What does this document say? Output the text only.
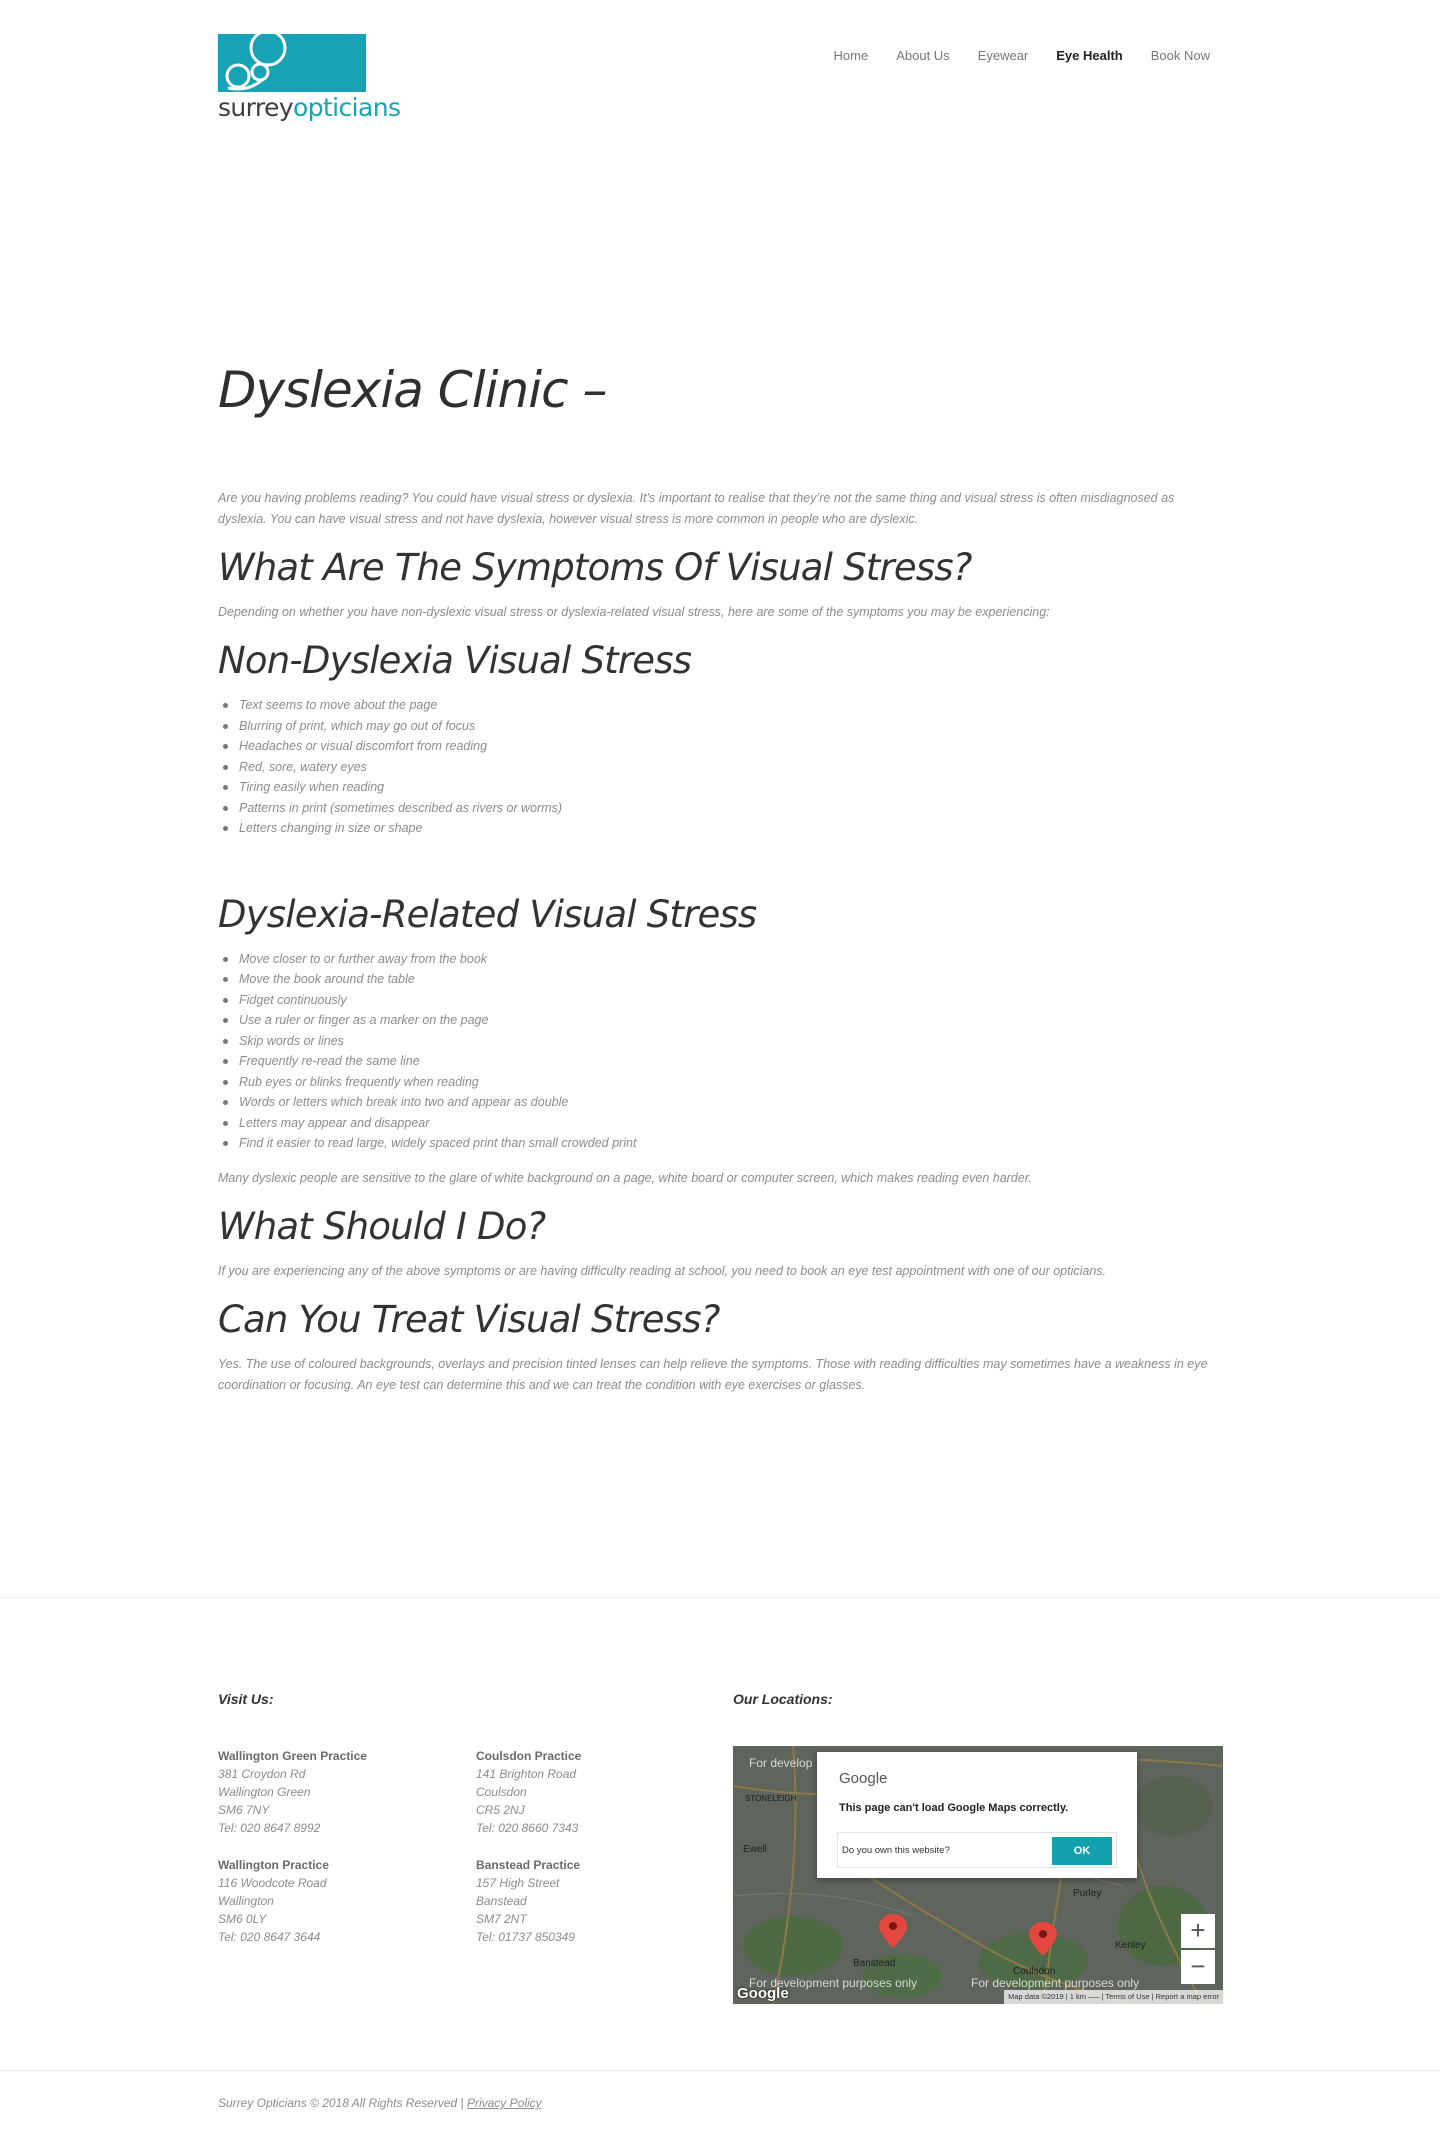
surreyopticians
Home About Us Eyewear Eye Health Book Now
Dyslexia Clinic –

Are you having problems reading? You could have visual stress or dyslexia. It’s important to realise that they’re not the same thing and visual stress is often misdiagnosed as dyslexia. You can have visual stress and not have dyslexia, however visual stress is more common in people who are dyslexic.

What Are The Symptoms Of Visual Stress?

Depending on whether you have non-dyslexic visual stress or dyslexia-related visual stress, here are some of the symptoms you may be experiencing:

Non-Dyslexia Visual Stress
Text seems to move about the page
Blurring of print, which may go out of focus
Headaches or visual discomfort from reading
Red, sore, watery eyes
Tiring easily when reading
Patterns in print (sometimes described as rivers or worms)
Letters changing in size or shape
Dyslexia-Related Visual Stress
Move closer to or further away from the book
Move the book around the table
Fidget continuously
Use a ruler or finger as a marker on the page
Skip words or lines
Frequently re-read the same line
Rub eyes or blinks frequently when reading
Words or letters which break into two and appear as double
Letters may appear and disappear
Find it easier to read large, widely spaced print than small crowded print

Many dyslexic people are sensitive to the glare of white background on a page, white board or computer screen, which makes reading even harder.

What Should I Do?

If you are experiencing any of the above symptoms or are having difficulty reading at school, you need to book an eye test appointment with one of our opticians.

Can You Treat Visual Stress?

Yes. The use of coloured backgrounds, overlays and precision tinted lenses can help relieve the symptoms. Those with reading difficulties may sometimes have a weakness in eye coordination or focusing. An eye test can determine this and we can treat the condition with eye exercises or glasses.

Visit Us:	Our Locations:
Wallington Green Practice
381 Croydon Rd
Wallington Green
SM6 7NY
Tel: 020 8647 8992
Coulsdon Practice
141 Brighton Road
Coulsdon
CR5 2NJ
Tel: 020 8660 7343
Wallington Practice
116 Woodcote Road
Wallington
SM6 0LY
Tel: 020 8647 3644
Banstead Practice
157 High Street
Banstead
SM7 2NT
Tel: 01737 850349
For develop
STONELEIGH
Ewell
Purley
Banstead
Coulsdon
Kenley
Google
This page can't load Google Maps correctly.
Do you own this website?	OK
+
−
For development purposes only	For development purposes only
Google	Map data ©2019 | 1 km ⎯⎯⎯ | Terms of Use | Report a map error
Surrey Opticians © 2018 All Rights Reserved | Privacy Policy
